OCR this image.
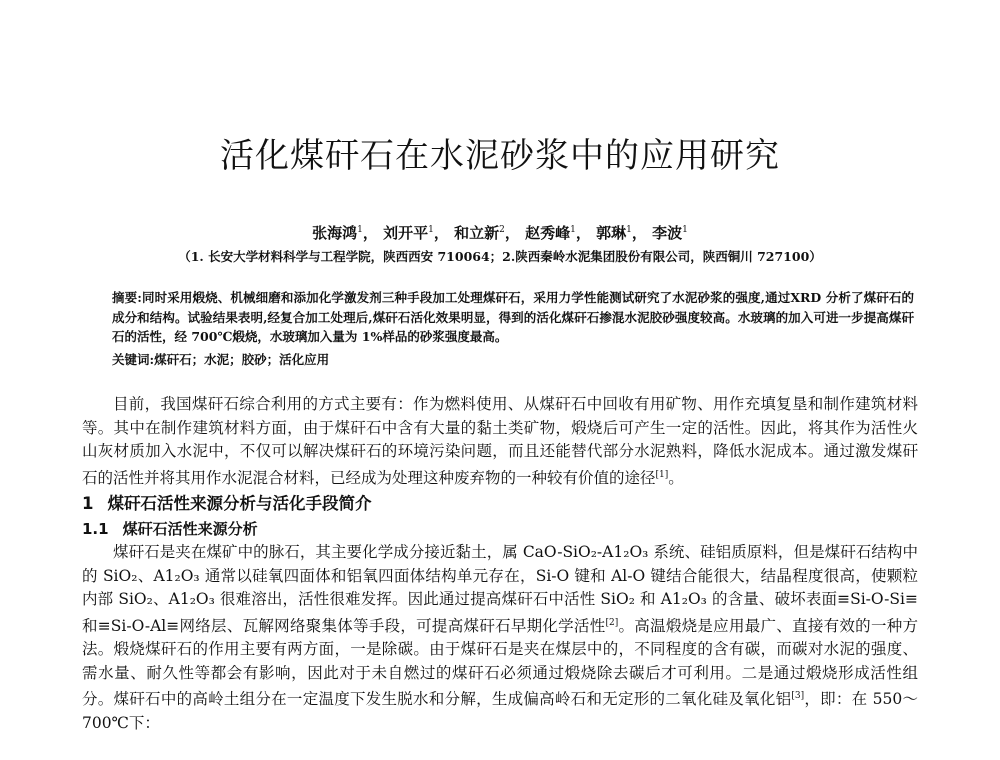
活化煤矸石在水泥砂浆中的应用研究
张海鸿$^1$， 刘开平$^1$， 和立新$^2$， 赵秀峰$^1$， 郭琳$^1$， 李波$^1$
（1. 长安大学材料科学与工程学院，陕西西安 710064；2.陕西秦岭水泥集团股份有限公司，陕西铜川 727100）
摘要:同时采用煅烧、机械细磨和添加化学激发剂三种手段加工处理煤矸石，采用力学性能测试研究了水泥砂浆的强度,通过XRD 分析了煤矸石的成分和结构。试验结果表明,经复合加工处理后,煤矸石活化效果明显，得到的活化煤矸石掺混水泥胶砂强度较高。水玻璃的加入可进一步提高煤矸石的活性，经 700℃煅烧，水玻璃加入量为 1%样品的砂浆强度最高。
关键词:煤矸石；水泥；胶砂；活化应用

目前，我国煤矸石综合利用的方式主要有：作为燃料使用、从煤矸石中回收有用矿物、用作充填复垦和制作建筑材料等。其中在制作建筑材料方面，由于煤矸石中含有大量的黏土类矿物，煅烧后可产生一定的活性。因此，将其作为活性火山灰材质加入水泥中，不仅可以解决煤矸石的环境污染问题，而且还能替代部分水泥熟料，降低水泥成本。通过激发煤矸石的活性并将其用作水泥混合材料，已经成为处理这种废弃物的一种较有价值的途径[1]。

1 煤矸石活性来源分析与活化手段简介
1.1 煤矸石活性来源分析

煤矸石是夹在煤矿中的脉石，其主要化学成分接近黏土，属 CaO-SiO₂-A1₂O₃ 系统、硅铝质原料，但是煤矸石结构中的 SiO₂、A1₂O₃ 通常以硅氧四面体和铝氧四面体结构单元存在，Si-O 键和 Al-O 键结合能很大，结晶程度很高，使颗粒内部 SiO₂、A1₂O₃ 很难溶出，活性很难发挥。因此通过提高煤矸石中活性 SiO₂ 和 A1₂O₃ 的含量、破坏表面≡Si-O-Si≡和≡Si-O-Al≡网络层、瓦解网络聚集体等手段，可提高煤矸石早期化学活性[2]。高温煅烧是应用最广、直接有效的一种方法。煅烧煤矸石的作用主要有两方面，一是除碳。由于煤矸石是夹在煤层中的，不同程度的含有碳，而碳对水泥的强度、需水量、耐久性等都会有影响，因此对于未自燃过的煤矸石必须通过煅烧除去碳后才可利用。二是通过煅烧形成活性组分。煤矸石中的高岭土组分在一定温度下发生脱水和分解，生成偏高岭石和无定形的二氧化硅及氧化铝[3]，即：在 550～700℃下：
